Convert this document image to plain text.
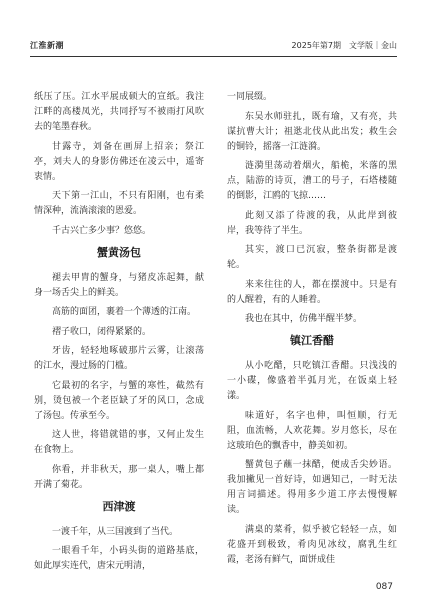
江淮新潮	2025年第7期　文学版｜金山

纸压了压。江水平展成硕大的宣纸。我注江畔的高楼凤光，共同抒写不被雨打风吹去的笔墨春秋。

甘露寺，刘备在画屏上招亲；祭江亭，刘夫人的身影仿佛还在凌云中，遥寄衷情。

天下第一江山，不只有阳刚，也有柔情深种，流淌滚滚的恩爱。

千古兴亡多少事？悠悠。

蟹黄汤包

褪去甲胄的蟹身，与猪皮冻起舞，献身一场舌尖上的鲜美。

高筋的面团，裹着一个薄透的江南。

褶子收口，闭得紧紧的。

牙齿，轻轻地啄破那片云雾，让滚荡的江水，漫过肠的门槛。

它最初的名字，与蟹的寒性，截然有别，烫包被一个老臣缺了牙的风口，念成了汤包。传承至今。

这人世，将错就错的事，又何止发生在食物上。

你看，并非秋天，那一桌人，嘴上都开满了菊花。

西津渡

一渡千年，从三国渡到了当代。

一眼看千年，小码头街的道路基底，如此厚实连代，唐宋元明清，

一同展缀。

东吴水师驻扎，既有瑜，又有亮，共谋抗曹大计；祖逖北伐从此出发；救生会的铜铃，摇落一江涟漪。

涟漪里荡动着烟火，船桅，米落的黑点，陆游的诗页，漕工的号子，石塔楼随的倒影，江鸥的飞掠……

此刻又添了待渡的我，从此岸到彼岸，我等待了半生。

其实，渡口已沉寂，整条街都是渡轮。

来来往往的人，都在摆渡中。只是有的人醒着，有的人睡着。

我也在其中，仿佛半醒半梦。

镇江香醋

从小吃醋，只吃镇江香醋。只浅浅的一小碟，像盛着半弧月光，在饭桌上轻漾。

味道好，名字也伸，叫恒顺，行无阻，血流畅，人欢花舞。岁月悠长，尽在这玻珀色的飘香中，静美如初。

蟹黄包子蘸一抹醋，便成舌尖妙语。我加撇见一首好诗，如遇知己，一时无法用言词描述。得用多少道工序去慢慢解读。

满桌的菜肴，似乎被它轻轻一点，如花盛开到极致，肴肉见冰纹，腐乳生红霞，老汤有鲜气，面饼成佳

087
